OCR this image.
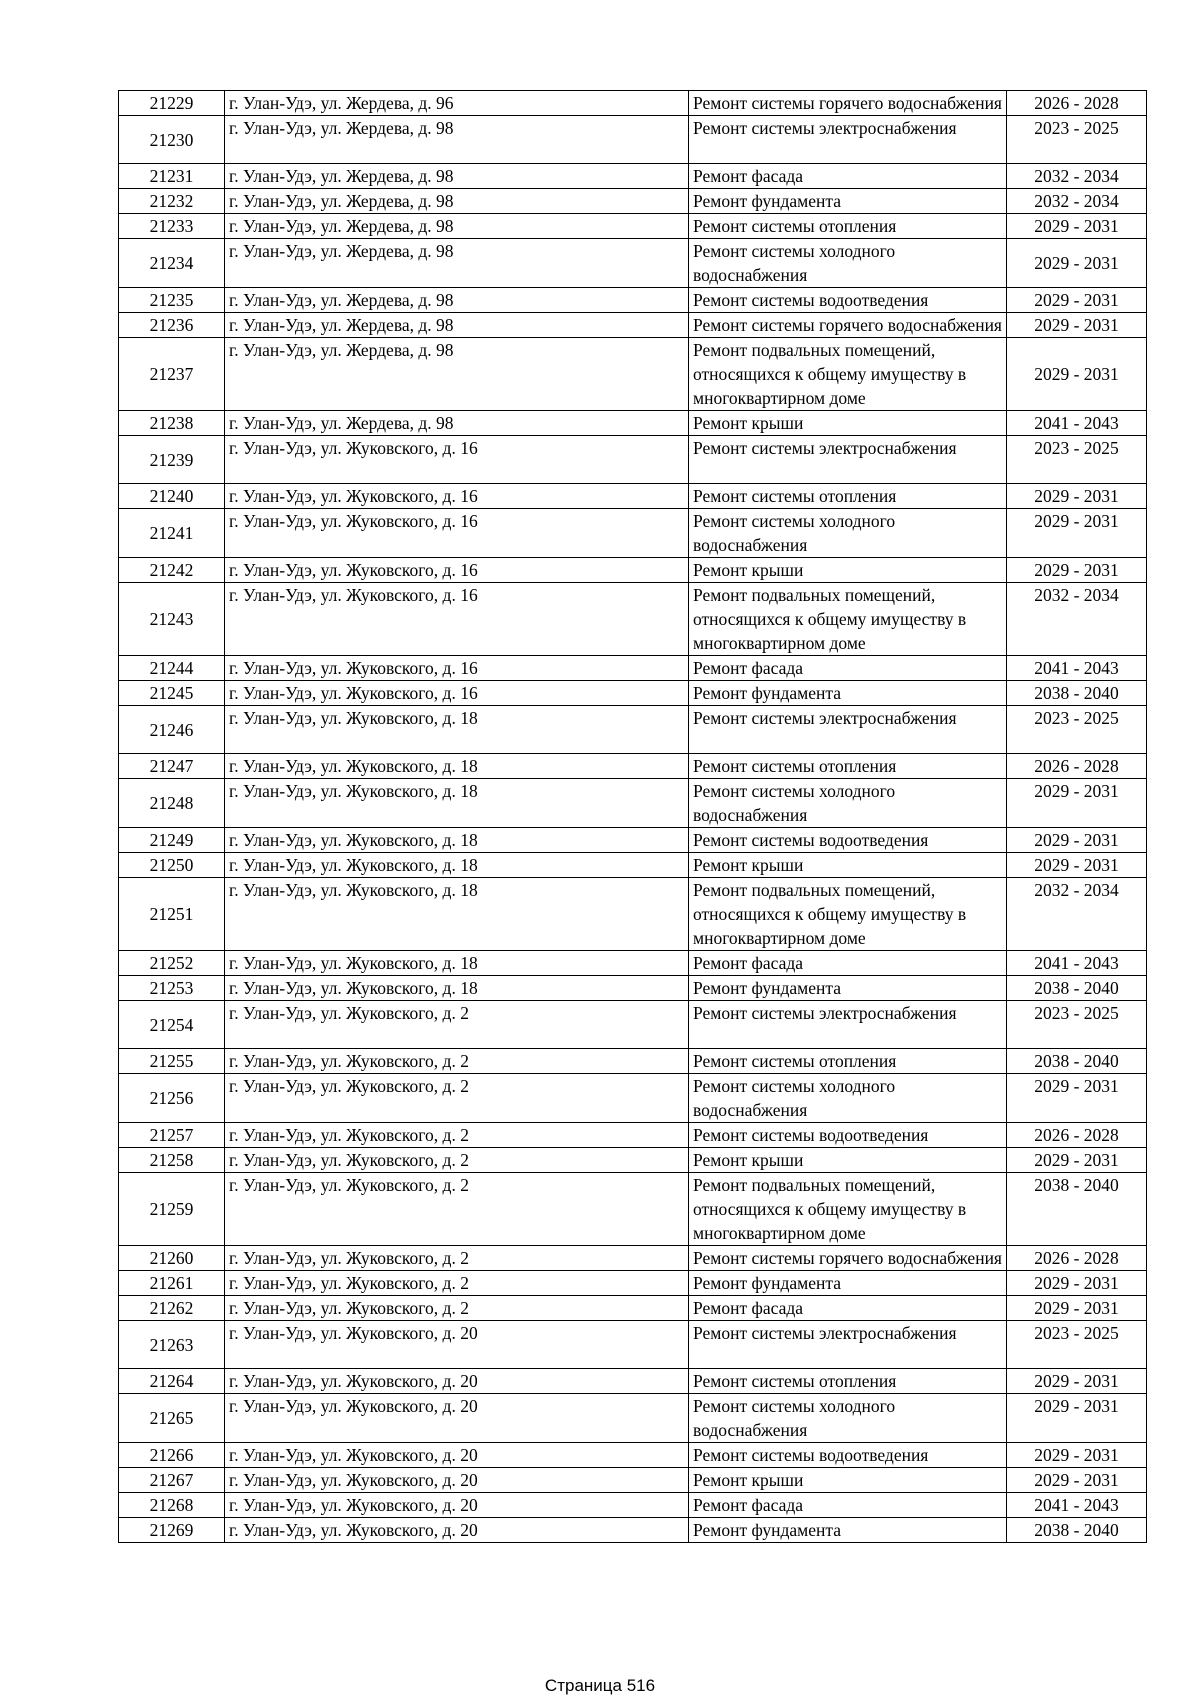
21229	г. Улан-Удэ, ул. Жердева, д. 96	Ремонт системы горячего водоснабжения	2026 - 2028
21230	г. Улан-Удэ, ул. Жердева, д. 98	Ремонт системы электроснабжения	2023 - 2025
21231	г. Улан-Удэ, ул. Жердева, д. 98	Ремонт фасада	2032 - 2034
21232	г. Улан-Удэ, ул. Жердева, д. 98	Ремонт фундамента	2032 - 2034
21233	г. Улан-Удэ, ул. Жердева, д. 98	Ремонт системы отопления	2029 - 2031
21234	г. Улан-Удэ, ул. Жердева, д. 98	Ремонт системы холодного водоснабжения	2029 - 2031
21235	г. Улан-Удэ, ул. Жердева, д. 98	Ремонт системы водоотведения	2029 - 2031
21236	г. Улан-Удэ, ул. Жердева, д. 98	Ремонт системы горячего водоснабжения	2029 - 2031
21237	г. Улан-Удэ, ул. Жердева, д. 98	Ремонт подвальных помещений, относящихся к общему имуществу в многоквартирном доме	2029 - 2031
21238	г. Улан-Удэ, ул. Жердева, д. 98	Ремонт крыши	2041 - 2043
21239	г. Улан-Удэ, ул. Жуковского, д. 16	Ремонт системы электроснабжения	2023 - 2025
21240	г. Улан-Удэ, ул. Жуковского, д. 16	Ремонт системы отопления	2029 - 2031
21241	г. Улан-Удэ, ул. Жуковского, д. 16	Ремонт системы холодного водоснабжения	2029 - 2031
21242	г. Улан-Удэ, ул. Жуковского, д. 16	Ремонт крыши	2029 - 2031
21243	г. Улан-Удэ, ул. Жуковского, д. 16	Ремонт подвальных помещений, относящихся к общему имуществу в многоквартирном доме	2032 - 2034
21244	г. Улан-Удэ, ул. Жуковского, д. 16	Ремонт фасада	2041 - 2043
21245	г. Улан-Удэ, ул. Жуковского, д. 16	Ремонт фундамента	2038 - 2040
21246	г. Улан-Удэ, ул. Жуковского, д. 18	Ремонт системы электроснабжения	2023 - 2025
21247	г. Улан-Удэ, ул. Жуковского, д. 18	Ремонт системы отопления	2026 - 2028
21248	г. Улан-Удэ, ул. Жуковского, д. 18	Ремонт системы холодного водоснабжения	2029 - 2031
21249	г. Улан-Удэ, ул. Жуковского, д. 18	Ремонт системы водоотведения	2029 - 2031
21250	г. Улан-Удэ, ул. Жуковского, д. 18	Ремонт крыши	2029 - 2031
21251	г. Улан-Удэ, ул. Жуковского, д. 18	Ремонт подвальных помещений, относящихся к общему имуществу в многоквартирном доме	2032 - 2034
21252	г. Улан-Удэ, ул. Жуковского, д. 18	Ремонт фасада	2041 - 2043
21253	г. Улан-Удэ, ул. Жуковского, д. 18	Ремонт фундамента	2038 - 2040
21254	г. Улан-Удэ, ул. Жуковского, д. 2	Ремонт системы электроснабжения	2023 - 2025
21255	г. Улан-Удэ, ул. Жуковского, д. 2	Ремонт системы отопления	2038 - 2040
21256	г. Улан-Удэ, ул. Жуковского, д. 2	Ремонт системы холодного водоснабжения	2029 - 2031
21257	г. Улан-Удэ, ул. Жуковского, д. 2	Ремонт системы водоотведения	2026 - 2028
21258	г. Улан-Удэ, ул. Жуковского, д. 2	Ремонт крыши	2029 - 2031
21259	г. Улан-Удэ, ул. Жуковского, д. 2	Ремонт подвальных помещений, относящихся к общему имуществу в многоквартирном доме	2038 - 2040
21260	г. Улан-Удэ, ул. Жуковского, д. 2	Ремонт системы горячего водоснабжения	2026 - 2028
21261	г. Улан-Удэ, ул. Жуковского, д. 2	Ремонт фундамента	2029 - 2031
21262	г. Улан-Удэ, ул. Жуковского, д. 2	Ремонт фасада	2029 - 2031
21263	г. Улан-Удэ, ул. Жуковского, д. 20	Ремонт системы электроснабжения	2023 - 2025
21264	г. Улан-Удэ, ул. Жуковского, д. 20	Ремонт системы отопления	2029 - 2031
21265	г. Улан-Удэ, ул. Жуковского, д. 20	Ремонт системы холодного водоснабжения	2029 - 2031
21266	г. Улан-Удэ, ул. Жуковского, д. 20	Ремонт системы водоотведения	2029 - 2031
21267	г. Улан-Удэ, ул. Жуковского, д. 20	Ремонт крыши	2029 - 2031
21268	г. Улан-Удэ, ул. Жуковского, д. 20	Ремонт фасада	2041 - 2043
21269	г. Улан-Удэ, ул. Жуковского, д. 20	Ремонт фундамента	2038 - 2040
Страница 516
